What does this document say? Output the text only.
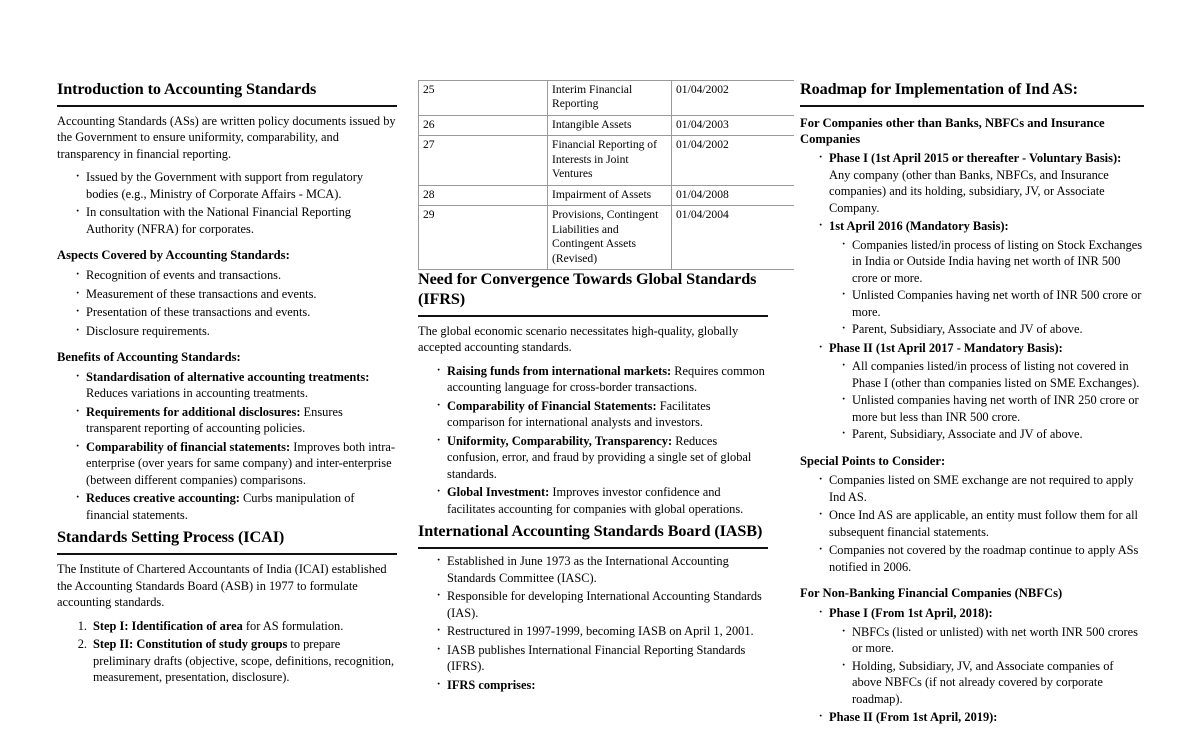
Introduction to Accounting Standards

Accounting Standards (ASs) are written policy documents issued by the Government to ensure uniformity, comparability, and transparency in financial reporting.

· Issued by the Government with support from regulatory bodies (e.g., Ministry of Corporate Affairs - MCA).
· In consultation with the National Financial Reporting Authority (NFRA) for corporates.
Aspects Covered by Accounting Standards:
· Recognition of events and transactions.
· Measurement of these transactions and events.
· Presentation of these transactions and events.
· Disclosure requirements.
Benefits of Accounting Standards:
· Standardisation of alternative accounting treatments: Reduces variations in accounting treatments.
· Requirements for additional disclosures: Ensures transparent reporting of accounting policies.
· Comparability of financial statements: Improves both intra-enterprise (over years for same company) and inter-enterprise (between different companies) comparisons.
· Reduces creative accounting: Curbs manipulation of financial statements.
Standards Setting Process (ICAI)

The Institute of Chartered Accountants of India (ICAI) established the Accounting Standards Board (ASB) in 1977 to formulate accounting standards.

Step I: Identification of area for AS formulation.
Step II: Constitution of study groups to prepare preliminary drafts (objective, scope, definitions, recognition, measurement, presentation, disclosure).
25	Interim Financial Reporting	01/04/2002
26	Intangible Assets	01/04/2003
27	Financial Reporting of Interests in Joint Ventures	01/04/2002
28	Impairment of Assets	01/04/2008
29	Provisions, Contingent Liabilities and Contingent Assets (Revised)	01/04/2004
Need for Convergence Towards Global Standards (IFRS)

The global economic scenario necessitates high-quality, globally accepted accounting standards.

· Raising funds from international markets: Requires common accounting language for cross-border transactions.
· Comparability of Financial Statements: Facilitates comparison for international analysts and investors.
· Uniformity, Comparability, Transparency: Reduces confusion, error, and fraud by providing a single set of global standards.
· Global Investment: Improves investor confidence and facilitates accounting for companies with global operations.
International Accounting Standards Board (IASB)
· Established in June 1973 as the International Accounting Standards Committee (IASC).
· Responsible for developing International Accounting Standards (IAS).
· Restructured in 1997-1999, becoming IASB on April 1, 2001.
· IASB publishes International Financial Reporting Standards (IFRS).
· IFRS comprises:
Roadmap for Implementation of Ind AS:
For Companies other than Banks, NBFCs and Insurance Companies
· Phase I (1st April 2015 or thereafter - Voluntary Basis): Any company (other than Banks, NBFCs, and Insurance companies) and its holding, subsidiary, JV, or Associate Company.
· 1st April 2016 (Mandatory Basis):
· Companies listed/in process of listing on Stock Exchanges in India or Outside India having net worth of INR 500 crore or more.
· Unlisted Companies having net worth of INR 500 crore or more.
· Parent, Subsidiary, Associate and JV of above.
· Phase II (1st April 2017 - Mandatory Basis):
· All companies listed/in process of listing not covered in Phase I (other than companies listed on SME Exchanges).
· Unlisted companies having net worth of INR 250 crore or more but less than INR 500 crore.
· Parent, Subsidiary, Associate and JV of above.
Special Points to Consider:
· Companies listed on SME exchange are not required to apply Ind AS.
· Once Ind AS are applicable, an entity must follow them for all subsequent financial statements.
· Companies not covered by the roadmap continue to apply ASs notified in 2006.
For Non-Banking Financial Companies (NBFCs)
· Phase I (From 1st April, 2018):
· NBFCs (listed or unlisted) with net worth INR 500 crores or more.
· Holding, Subsidiary, JV, and Associate companies of above NBFCs (if not already covered by corporate roadmap).
· Phase II (From 1st April, 2019):
